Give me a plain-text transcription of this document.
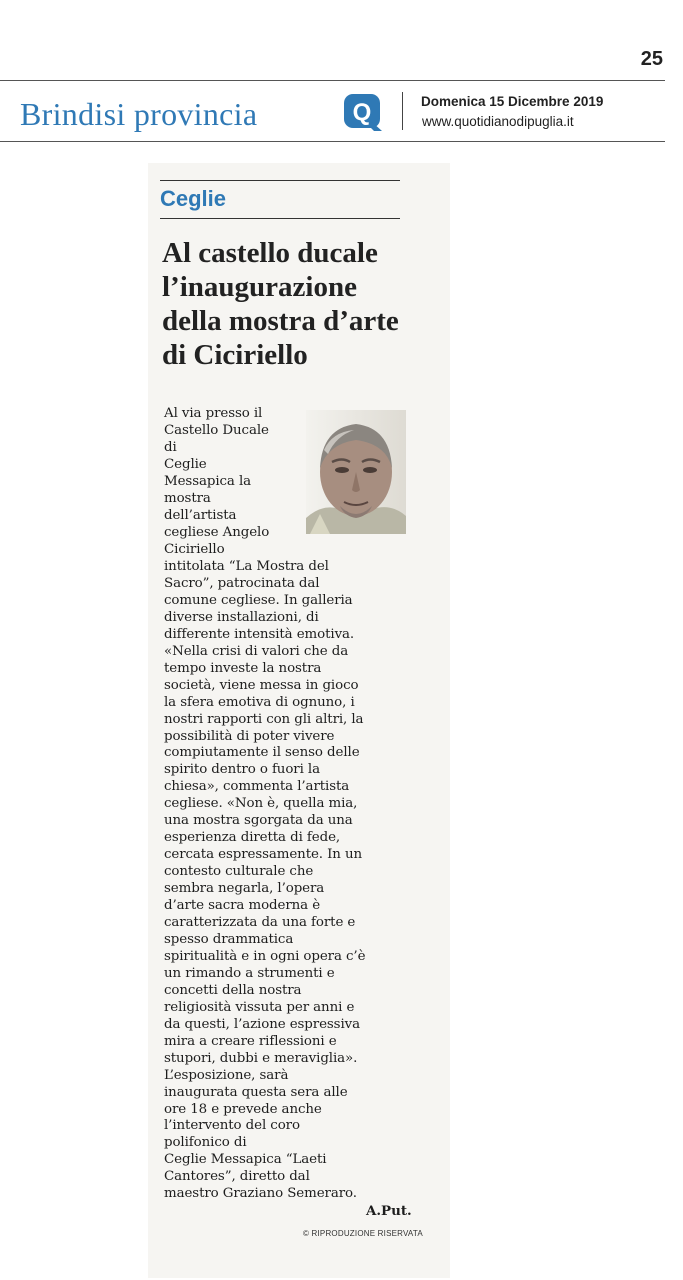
25
Brindisi provincia	Q	Domenica 15 Dicembre 2019
www.quotidianodipuglia.it
Ceglie
Al castello ducale
l’inaugurazione
della mostra d’arte
di Ciciriello
Al via presso il
Castello Ducale
di
Ceglie
Messapica la
mostra
dell’artista
cegliese Angelo
Ciciriello
intitolata “La Mostra del
Sacro”, patrocinata dal
comune cegliese. In galleria
diverse installazioni, di
differente intensità emotiva.
«Nella crisi di valori che da
tempo investe la nostra
società, viene messa in gioco
la sfera emotiva di ognuno, i
nostri rapporti con gli altri, la
possibilità di poter vivere
compiutamente il senso delle
spirito dentro o fuori la
chiesa», commenta l’artista
cegliese. «Non è, quella mia,
una mostra sgorgata da una
esperienza diretta di fede,
cercata espressamente. In un
contesto culturale che
sembra negarla, l’opera
d’arte sacra moderna è
caratterizzata da una forte e
spesso drammatica
spiritualità e in ogni opera c’è
un rimando a strumenti e
concetti della nostra
religiosità vissuta per anni e
da questi, l’azione espressiva
mira a creare riflessioni e
stupori, dubbi e meraviglia».
L’esposizione, sarà
inaugurata questa sera alle
ore 18 e prevede anche
l’intervento del coro
polifonico di
Ceglie Messapica “Laeti
Cantores”, diretto dal
maestro Graziano Semeraro.
A.Put.
© RIPRODUZIONE RISERVATA
